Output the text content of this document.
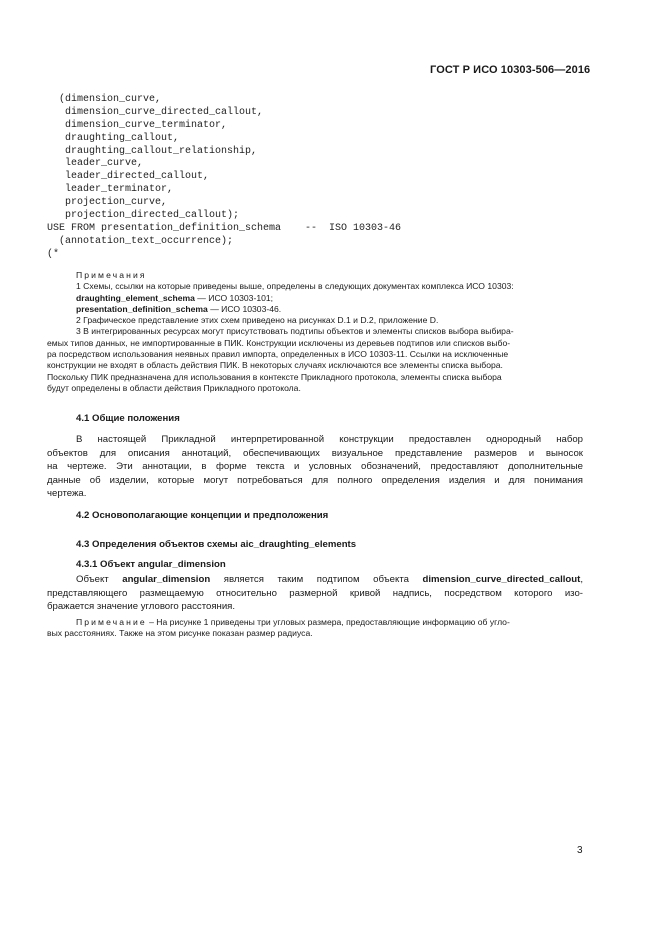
ГОСТ Р ИСО 10303-506—2016
(dimension_curve,
dimension_curve_directed_callout,
dimension_curve_terminator,
draughting_callout,
draughting_callout_relationship,
leader_curve,
leader_directed_callout,
leader_terminator,
projection_curve,
projection_directed_callout);
USE FROM presentation_definition_schema    --  ISO 10303-46
(annotation_text_occurrence);
(*
Примечания
1 Схемы, ссылки на которые приведены выше, определены в следующих документах комплекса ИСО 10303:
draughting_element_schema — ИСО 10303-101;
presentation_definition_schema — ИСО 10303-46.
2 Графическое представление этих схем приведено на рисунках D.1 и D.2, приложение D.
3 В интегрированных ресурсах могут присутствовать подтипы объектов и элементы списков выбора выбира-
емых типов данных, не импортированные в ПИК. Конструкции исключены из деревьев подтипов или списков выбо-
ра посредством использования неявных правил импорта, определенных в ИСО 10303-11. Ссылки на исключенные
конструкции не входят в область действия ПИК. В некоторых случаях исключаются все элементы списка выбора.
Поскольку ПИК предназначена для использования в контексте Прикладного протокола, элементы списка выбора
будут определены в области действия Прикладного протокола.
4.1 Общие положения
В настоящей Прикладной интерпретированной конструкции предоставлен однородный набор
объектов для описания аннотаций, обеспечивающих визуальное представление размеров и выносок
на чертеже. Эти аннотации, в форме текста и условных обозначений, предоставляют дополнительные
данные об изделии, которые могут потребоваться для полного определения изделия и для понимания
чертежа.
4.2 Основополагающие концепции и предположения
4.3 Определения объектов схемы aic_draughting_elements
4.3.1 Объект angular_dimension
Объект angular_dimension является таким подтипом объекта dimension_curve_directed_callout,
представляющего размещаемую относительно размерной кривой надпись, посредством которого изо-
бражается значение углового расстояния.
Примечание – На рисунке 1 приведены три угловых размера, предоставляющие информацию об угло-
вых расстояниях. Также на этом рисунке показан размер радиуса.
3
